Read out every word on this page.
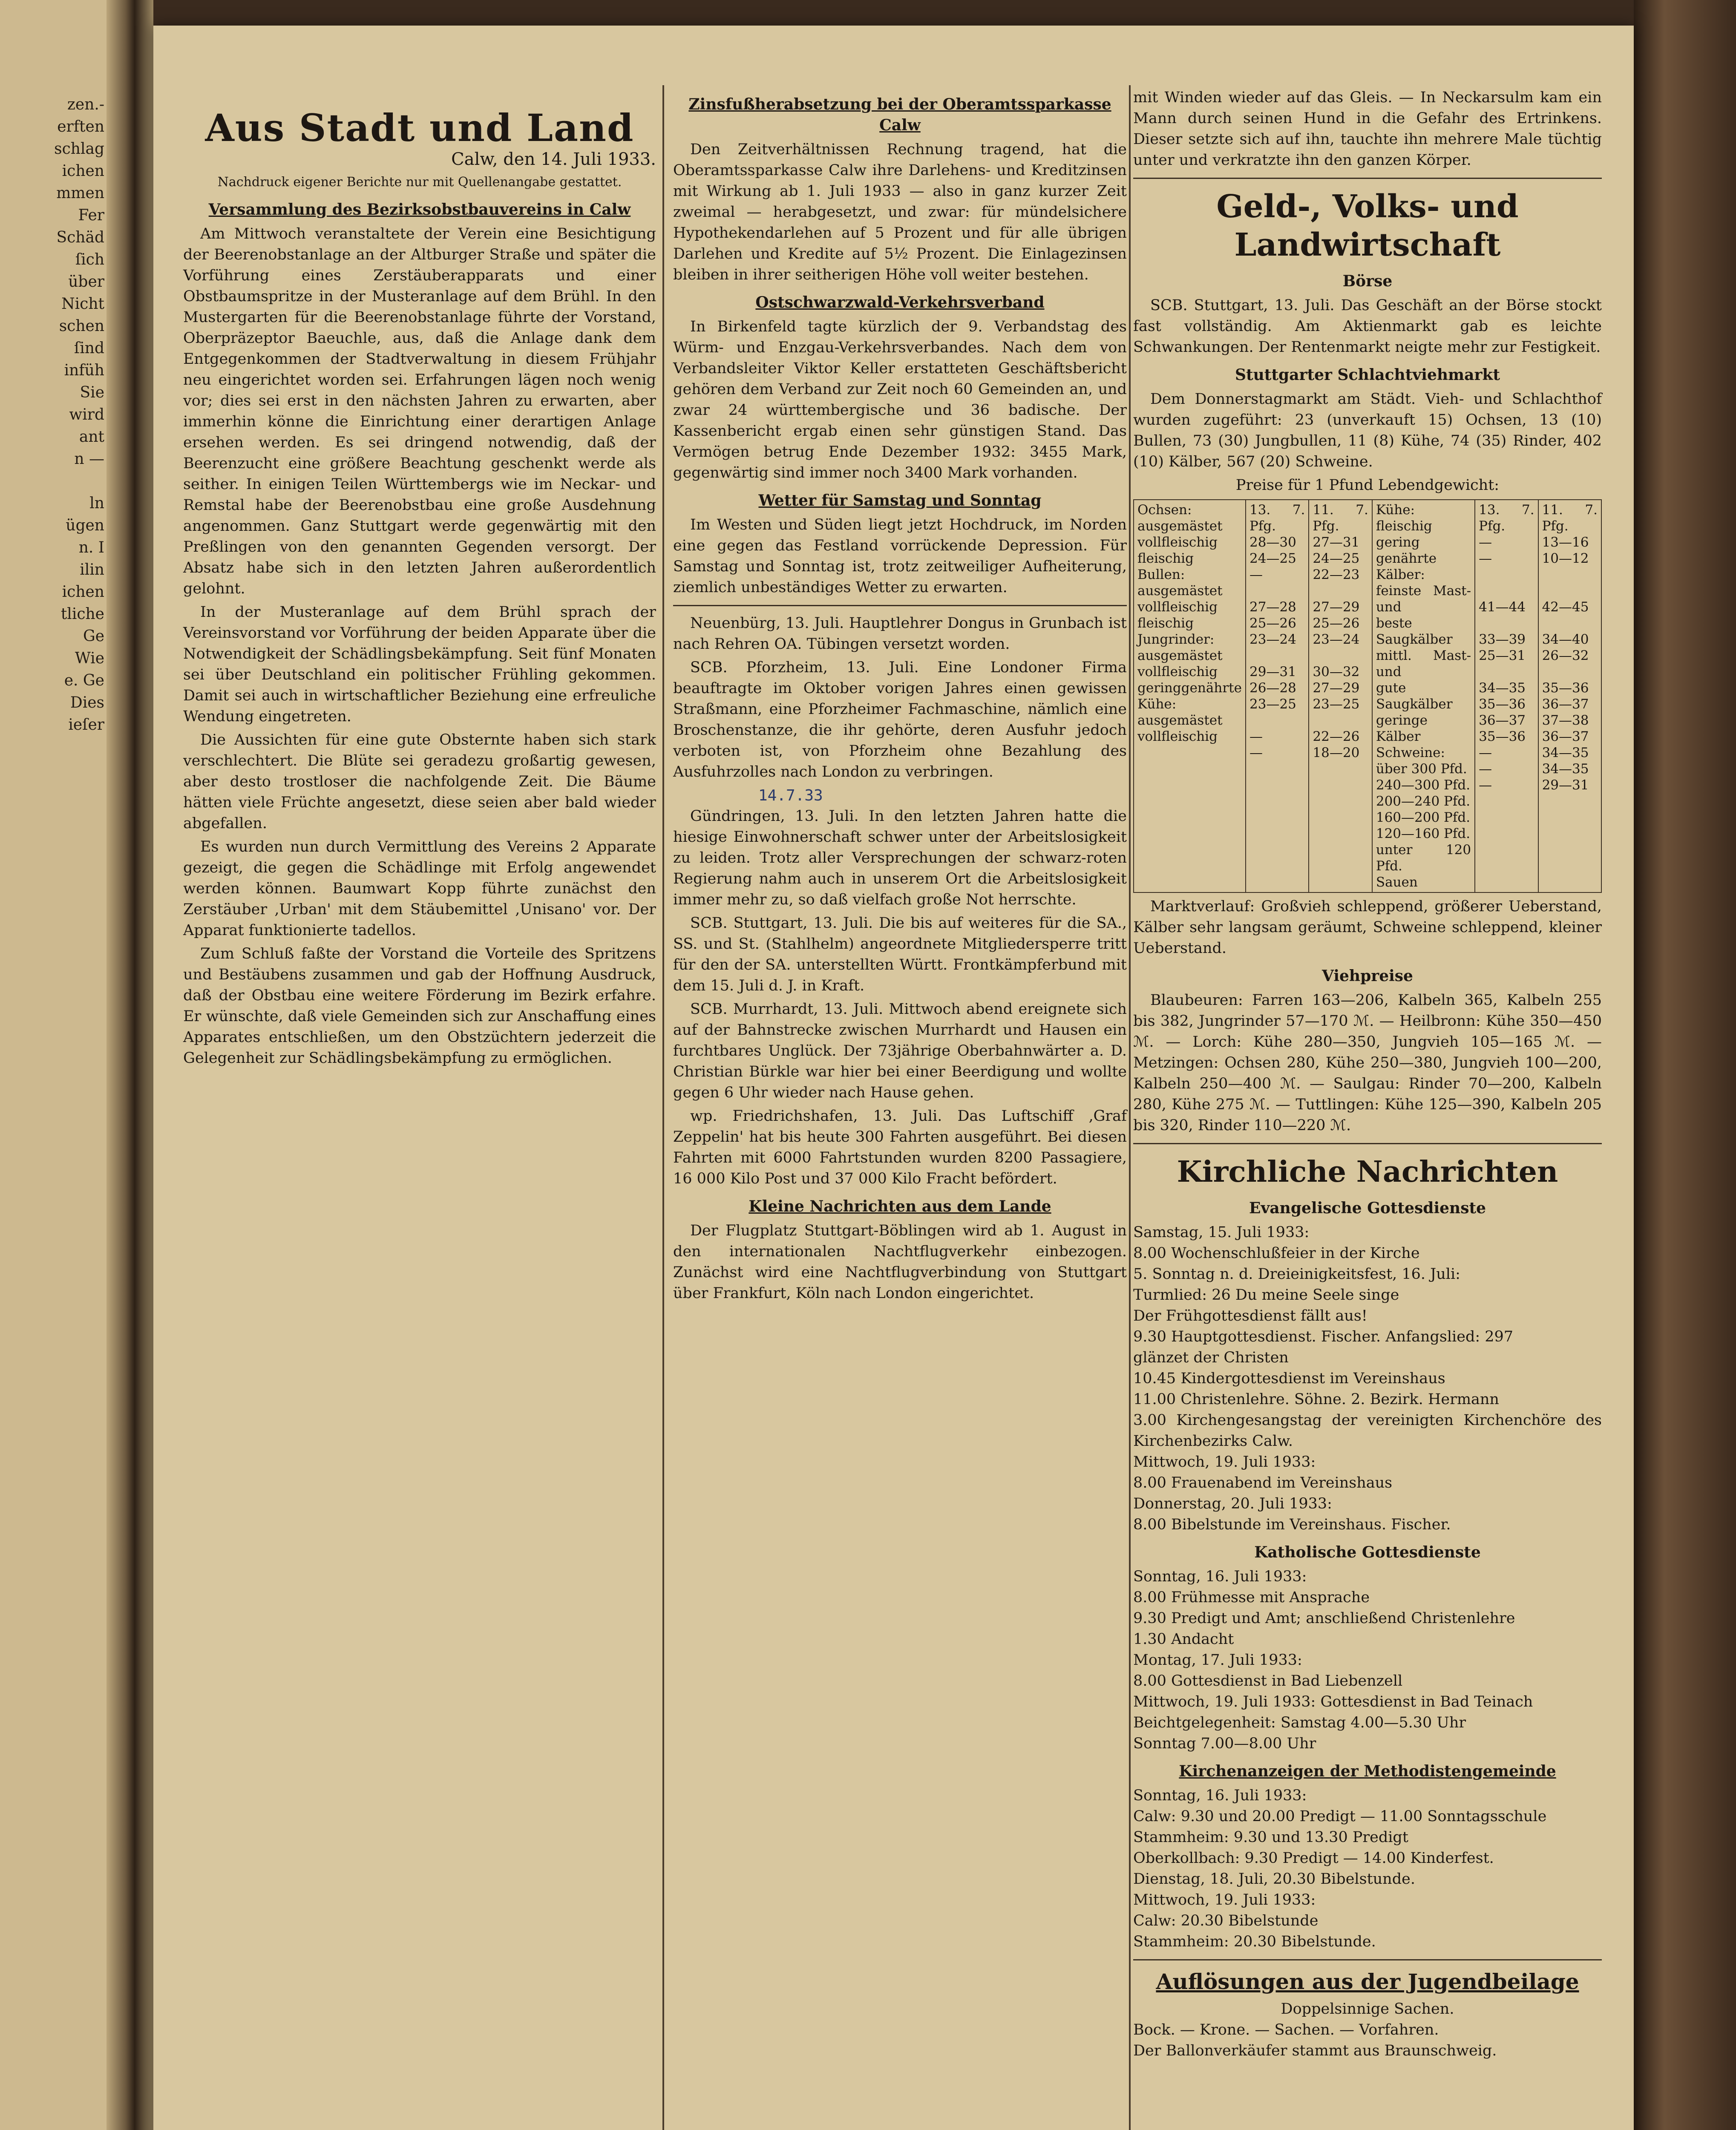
zen.-
erften
schlag
ichen
mmen
Fer
Schäd
ſich
über
Nicht
schen
ſind
infüh
Sie
wird
ant
n —

ln
ügen
n. I
ilin
ichen
tliche
Ge
Wie
e. Ge
Dies
ieſer
Aus Stadt und Land
Calw, den 14. Juli 1933.
Nachdruck eigener Berichte nur mit Quellenangabe gestattet.
Versammlung des Bezirksobstbauvereins in Calw

Am Mittwoch veranstaltete der Verein eine Besichtigung der Beerenobstanlage an der Altburger Straße und später die Vorführung eines Zerstäuberapparats und einer Obstbaumspritze in der Musteranlage auf dem Brühl. In den Mustergarten für die Beerenobstanlage führte der Vorstand, Oberpräzeptor Baeuchle, aus, daß die Anlage dank dem Entgegenkommen der Stadtverwaltung in diesem Frühjahr neu eingerichtet worden sei. Erfahrungen lägen noch wenig vor; dies sei erst in den nächsten Jahren zu erwarten, aber immerhin könne die Einrichtung einer derartigen Anlage ersehen werden. Es sei dringend notwendig, daß der Beerenzucht eine größere Beachtung geschenkt werde als seither. In einigen Teilen Württembergs wie im Neckar- und Remstal habe der Beerenobstbau eine große Ausdehnung angenommen. Ganz Stuttgart werde gegenwärtig mit den Preßlingen von den genannten Gegenden versorgt. Der Absatz habe sich in den letzten Jahren außerordentlich gelohnt.

In der Musteranlage auf dem Brühl sprach der Vereinsvorstand vor Vorführung der beiden Apparate über die Notwendigkeit der Schädlingsbekämpfung. Seit fünf Monaten sei über Deutschland ein politischer Frühling gekommen. Damit sei auch in wirtschaftlicher Beziehung eine erfreuliche Wendung eingetreten.

Die Aussichten für eine gute Obsternte haben sich stark verschlechtert. Die Blüte sei geradezu großartig gewesen, aber desto trostloser die nachfolgende Zeit. Die Bäume hätten viele Früchte angesetzt, diese seien aber bald wieder abgefallen.

Es wurden nun durch Vermittlung des Vereins 2 Apparate gezeigt, die gegen die Schädlinge mit Erfolg angewendet werden können. Baumwart Kopp führte zunächst den Zerstäuber ‚Urban' mit dem Stäubemittel ‚Unisano' vor. Der Apparat funktionierte tadellos.

Zum Schluß faßte der Vorstand die Vorteile des Spritzens und Bestäubens zusammen und gab der Hoffnung Ausdruck, daß der Obstbau eine weitere Förderung im Bezirk erfahre. Er wünschte, daß viele Gemeinden sich zur Anschaffung eines Apparates entschließen, um den Obstzüchtern jederzeit die Gelegenheit zur Schädlingsbekämpfung zu ermöglichen.

Zinsfußherabsetzung bei der Oberamtssparkasse Calw

Den Zeitverhältnissen Rechnung tragend, hat die Oberamtssparkasse Calw ihre Darlehens- und Kreditzinsen mit Wirkung ab 1. Juli 1933 — also in ganz kurzer Zeit zweimal — herabgesetzt, und zwar: für mündelsichere Hypothekendarlehen auf 5 Prozent und für alle übrigen Darlehen und Kredite auf 5½ Prozent. Die Einlagezinsen bleiben in ihrer seitherigen Höhe voll weiter bestehen.

Ostschwarzwald-Verkehrsverband

In Birkenfeld tagte kürzlich der 9. Verbandstag des Würm- und Enzgau-Verkehrsverbandes. Nach dem von Verbandsleiter Viktor Keller erstatteten Geschäftsbericht gehören dem Verband zur Zeit noch 60 Gemeinden an, und zwar 24 württembergische und 36 badische. Der Kassenbericht ergab einen sehr günstigen Stand. Das Vermögen betrug Ende Dezember 1932: 3455 Mark, gegenwärtig sind immer noch 3400 Mark vorhanden.

Wetter für Samstag und Sonntag

Im Westen und Süden liegt jetzt Hochdruck, im Norden eine gegen das Festland vorrückende Depression. Für Samstag und Sonntag ist, trotz zeitweiliger Aufheiterung, ziemlich unbeständiges Wetter zu erwarten.

Neuenbürg, 13. Juli. Hauptlehrer Dongus in Grunbach ist nach Rehren OA. Tübingen versetzt worden.

SCB. Pforzheim, 13. Juli. Eine Londoner Firma beauftragte im Oktober vorigen Jahres einen gewissen Straßmann, eine Pforzheimer Fachmaschine, nämlich eine Broschenstanze, die ihr gehörte, deren Ausfuhr jedoch verboten ist, von Pforzheim ohne Bezahlung des Ausfuhrzolles nach London zu verbringen.

14.7.33

Gündringen, 13. Juli. In den letzten Jahren hatte die hiesige Einwohnerschaft schwer unter der Arbeitslosigkeit zu leiden. Trotz aller Versprechungen der schwarz-roten Regierung nahm auch in unserem Ort die Arbeitslosigkeit immer mehr zu, so daß vielfach große Not herrschte.

SCB. Stuttgart, 13. Juli. Die bis auf weiteres für die SA., SS. und St. (Stahlhelm) angeordnete Mitgliedersperre tritt für den der SA. unterstellten Württ. Frontkämpferbund mit dem 15. Juli d. J. in Kraft.

SCB. Murrhardt, 13. Juli. Mittwoch abend ereignete sich auf der Bahnstrecke zwischen Murrhardt und Hausen ein furchtbares Unglück. Der 73jährige Oberbahnwärter a. D. Christian Bürkle war hier bei einer Beerdigung und wollte gegen 6 Uhr wieder nach Hause gehen.

wp. Friedrichshafen, 13. Juli. Das Luftschiff ‚Graf Zeppelin' hat bis heute 300 Fahrten ausgeführt. Bei diesen Fahrten mit 6000 Fahrtstunden wurden 8200 Passagiere, 16 000 Kilo Post und 37 000 Kilo Fracht befördert.

Kleine Nachrichten aus dem Lande

Der Flugplatz Stuttgart-Böblingen wird ab 1. August in den internationalen Nachtflugverkehr einbezogen. Zunächst wird eine Nachtflugverbindung von Stuttgart über Frankfurt, Köln nach London eingerichtet.

mit Winden wieder auf das Gleis. — In Neckarsulm kam ein Mann durch seinen Hund in die Gefahr des Ertrinkens. Dieser setzte sich auf ihn, tauchte ihn mehrere Male tüchtig unter und verkratzte ihn den ganzen Körper.

Geld-, Volks- und Landwirtschaft
Börse

SCB. Stuttgart, 13. Juli. Das Geschäft an der Börse stockt fast vollständig. Am Aktienmarkt gab es leichte Schwankungen. Der Rentenmarkt neigte mehr zur Festigkeit.

Stuttgarter Schlachtviehmarkt

Dem Donnerstagmarkt am Städt. Vieh- und Schlachthof wurden zugeführt: 23 (unverkauft 15) Ochsen, 13 (10) Bullen, 73 (30) Jungbullen, 11 (8) Kühe, 74 (35) Rinder, 402 (10) Kälber, 567 (20) Schweine.

Preise für 1 Pfund Lebendgewicht:
Ochsen:
ausgemästet
vollfleischig
fleischig
Bullen:
ausgemästet
vollfleischig
fleischig
Jungrinder:
ausgemästet
vollfleischig
geringgenährte
Kühe:
ausgemästet
vollfleischig
13. 7. Pfg.
28—30
24—25
—

27—28
25—26
23—24

29—31
26—28
23—25

—
—
11. 7. Pfg.
27—31
24—25
22—23

27—29
25—26
23—24

30—32
27—29
23—25

22—26
18—20
Kühe:
fleischig
gering genährte
Kälber:
feinste Mast- und
beste Saugkälber
mittl. Mast- und
gute Saugkälber
geringe Kälber
Schweine:
über 300 Pfd.
240—300 Pfd.
200—240 Pfd.
160—200 Pfd.
120—160 Pfd.
unter 120 Pfd.
Sauen
13. 7. Pfg.
—
—

41—44

33—39
25—31

34—35
35—36
36—37
35—36
—
—
—
11. 7. Pfg.
13—16
10—12

42—45

34—40
26—32

35—36
36—37
37—38
36—37
34—35
34—35
29—31

Marktverlauf: Großvieh schleppend, größerer Ueberstand, Kälber sehr langsam geräumt, Schweine schleppend, kleiner Ueberstand.

Viehpreise

Blaubeuren: Farren 163—206, Kalbeln 365, Kalbeln 255 bis 382, Jungrinder 57—170 ℳ. — Heilbronn: Kühe 350—450 ℳ. — Lorch: Kühe 280—350, Jungvieh 105—165 ℳ. — Metzingen: Ochsen 280, Kühe 250—380, Jungvieh 100—200, Kalbeln 250—400 ℳ. — Saulgau: Rinder 70—200, Kalbeln 280, Kühe 275 ℳ. — Tuttlingen: Kühe 125—390, Kalbeln 205 bis 320, Rinder 110—220 ℳ.

Kirchliche Nachrichten
Evangelische Gottesdienste
Samstag, 15. Juli 1933:
8.00 Wochenschlußfeier in der Kirche
5. Sonntag n. d. Dreieinigkeitsfest, 16. Juli:
Turmlied: 26 Du meine Seele singe
Der Frühgottesdienst fällt aus!
9.30 Hauptgottesdienst. Fischer. Anfangslied: 297
glänzet der Christen
10.45 Kindergottesdienst im Vereinshaus
11.00 Christenlehre. Söhne. 2. Bezirk. Hermann
3.00 Kirchengesangstag der vereinigten Kirchenchöre des Kirchenbezirks Calw.
Mittwoch, 19. Juli 1933:
8.00 Frauenabend im Vereinshaus
Donnerstag, 20. Juli 1933:
8.00 Bibelstunde im Vereinshaus. Fischer.
Katholische Gottesdienste
Sonntag, 16. Juli 1933:
8.00 Frühmesse mit Ansprache
9.30 Predigt und Amt; anschließend Christenlehre
1.30 Andacht
Montag, 17. Juli 1933:
8.00 Gottesdienst in Bad Liebenzell
Mittwoch, 19. Juli 1933: Gottesdienst in Bad Teinach
Beichtgelegenheit: Samstag 4.00—5.30 Uhr
Sonntag 7.00—8.00 Uhr
Kirchenanzeigen der Methodistengemeinde
Sonntag, 16. Juli 1933:
Calw: 9.30 und 20.00 Predigt — 11.00 Sonntagsschule
Stammheim: 9.30 und 13.30 Predigt
Oberkollbach: 9.30 Predigt — 14.00 Kinderfest.
Dienstag, 18. Juli, 20.30 Bibelstunde.
Mittwoch, 19. Juli 1933:
Calw: 20.30 Bibelstunde
Stammheim: 20.30 Bibelstunde.
Auflösungen aus der Jugendbeilage
Doppelsinnige Sachen.
Bock. — Krone. — Sachen. — Vorfahren.
Der Ballonverkäufer stammt aus Braunschweig.
